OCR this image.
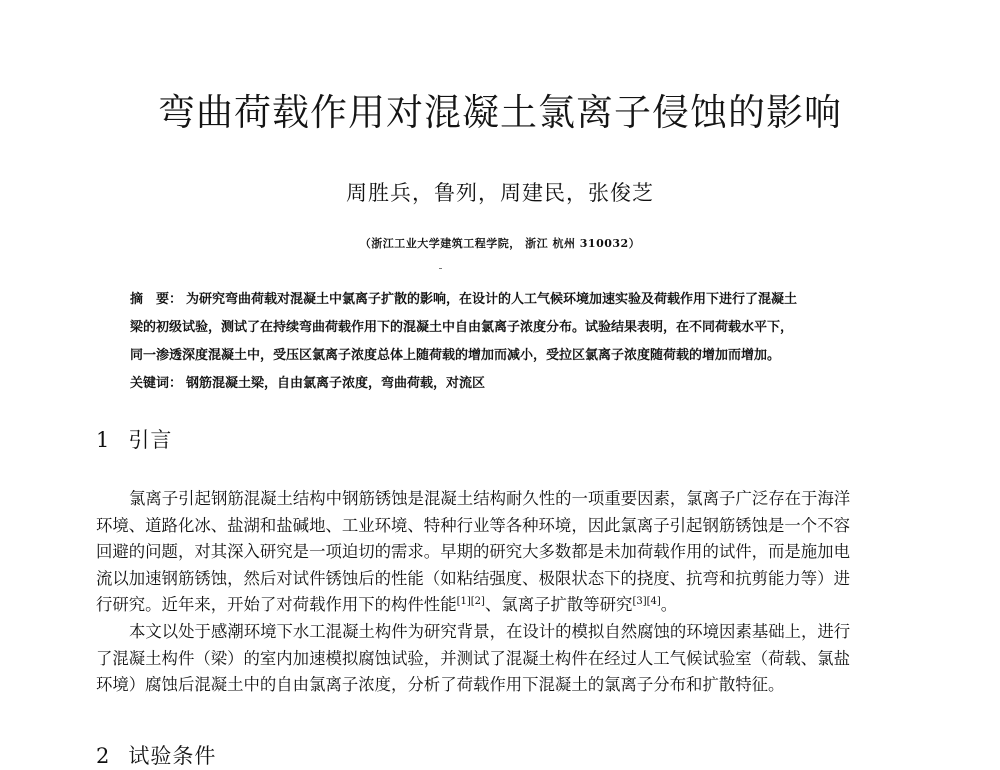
弯曲荷载作用对混凝土氯离子侵蚀的影响
周胜兵，鲁列，周建民，张俊芝
（浙江工业大学建筑工程学院， 浙江 杭州 310032）
摘　要： 为研究弯曲荷载对混凝土中氯离子扩散的影响，在设计的人工气候环境加速实验及荷载作用下进行了混凝土
梁的初级试验，测试了在持续弯曲荷载作用下的混凝土中自由氯离子浓度分布。试验结果表明，在不同荷载水平下，
同一渗透深度混凝土中，受压区氯离子浓度总体上随荷载的增加而减小，受拉区氯离子浓度随荷载的增加而增加。
关键词： 钢筋混凝土梁，自由氯离子浓度，弯曲荷载，对流区
1 引言
氯离子引起钢筋混凝土结构中钢筋锈蚀是混凝土结构耐久性的一项重要因素，氯离子广泛存在于海洋
环境、道路化冰、盐湖和盐碱地、工业环境、特种行业等各种环境，因此氯离子引起钢筋锈蚀是一个不容
回避的问题，对其深入研究是一项迫切的需求。早期的研究大多数都是未加荷载作用的试件，而是施加电
流以加速钢筋锈蚀，然后对试件锈蚀后的性能（如粘结强度、极限状态下的挠度、抗弯和抗剪能力等）进
行研究。近年来，开始了对荷载作用下的构件性能[1][2]、氯离子扩散等研究[3][4]。
本文以处于感潮环境下水工混凝土构件为研究背景，在设计的模拟自然腐蚀的环境因素基础上，进行
了混凝土构件（梁）的室内加速模拟腐蚀试验，并测试了混凝土构件在经过人工气候试验室（荷载、氯盐
环境）腐蚀后混凝土中的自由氯离子浓度，分析了荷载作用下混凝土的氯离子分布和扩散特征。
2 试验条件
